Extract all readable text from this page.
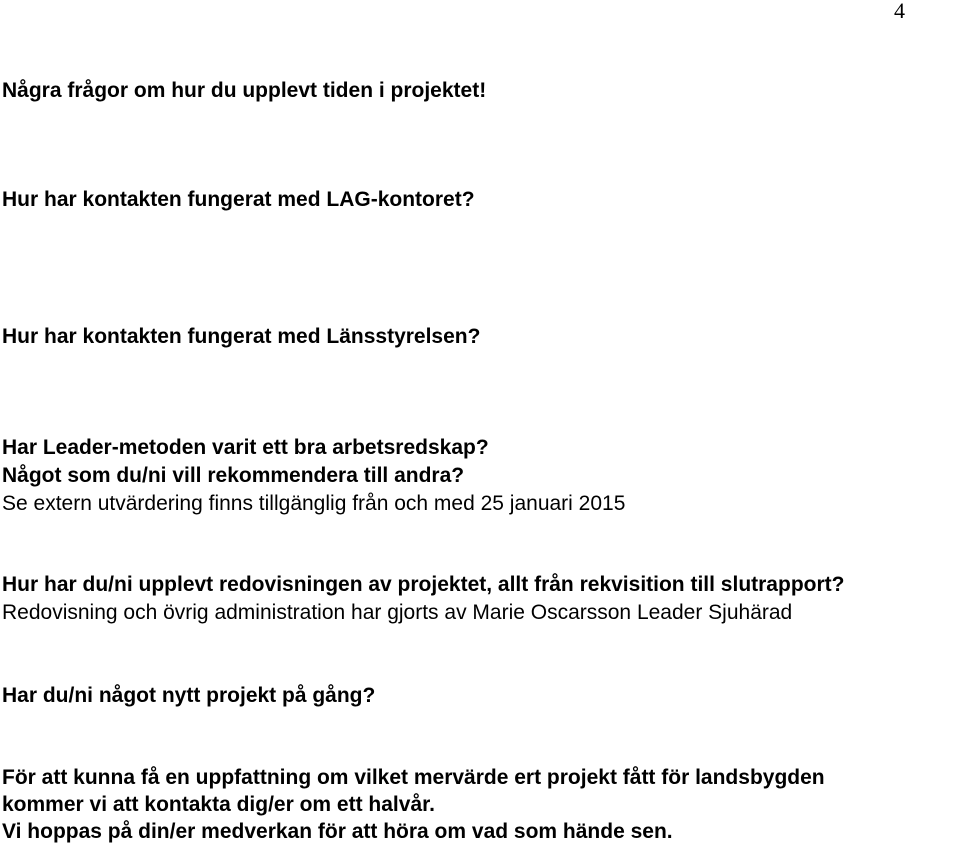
4
Några frågor om hur du upplevt tiden i projektet!
Hur har kontakten fungerat med LAG-kontoret?
Hur har kontakten fungerat med Länsstyrelsen?
Har Leader-metoden varit ett bra arbetsredskap?
Något som du/ni vill rekommendera till andra?
Se extern utvärdering finns tillgänglig från och med 25 januari 2015
Hur har du/ni upplevt redovisningen av projektet, allt från rekvisition till slutrapport?
Redovisning och övrig administration har gjorts av Marie Oscarsson Leader Sjuhärad
Har du/ni något nytt projekt på gång?
För att kunna få en uppfattning om vilket mervärde ert projekt fått för landsbygden
kommer vi att kontakta dig/er om ett halvår.
Vi hoppas på din/er medverkan för att höra om vad som hände sen.
